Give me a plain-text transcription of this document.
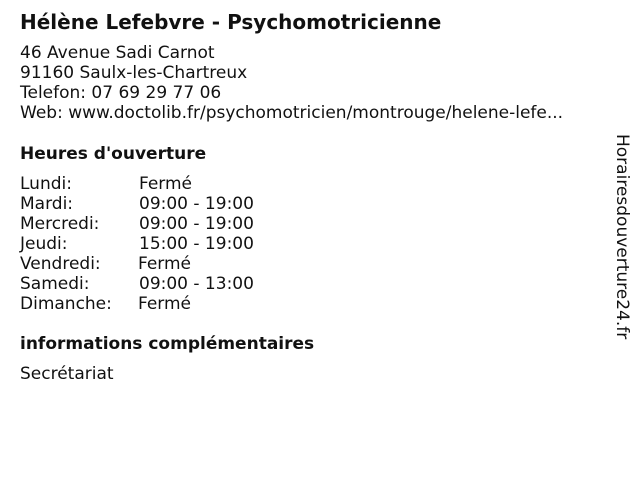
Hélène Lefebvre - Psychomotricienne
46 Avenue Sadi Carnot
91160 Saulx-les-Chartreux
Telefon: 07 69 29 77 06
Web: www.doctolib.fr/psychomotricien/montrouge/helene-lefe...
Heures d'ouverture
Lundi:	Fermé
Mardi:	09:00 - 19:00
Mercredi: 09:00 - 19:00
Jeudi:	15:00 - 19:00
Vendredi: Fermé
Samedi:	09:00 - 13:00
Dimanche: Fermé
informations complémentaires
Secrétariat
Horairesdouverture24.fr
